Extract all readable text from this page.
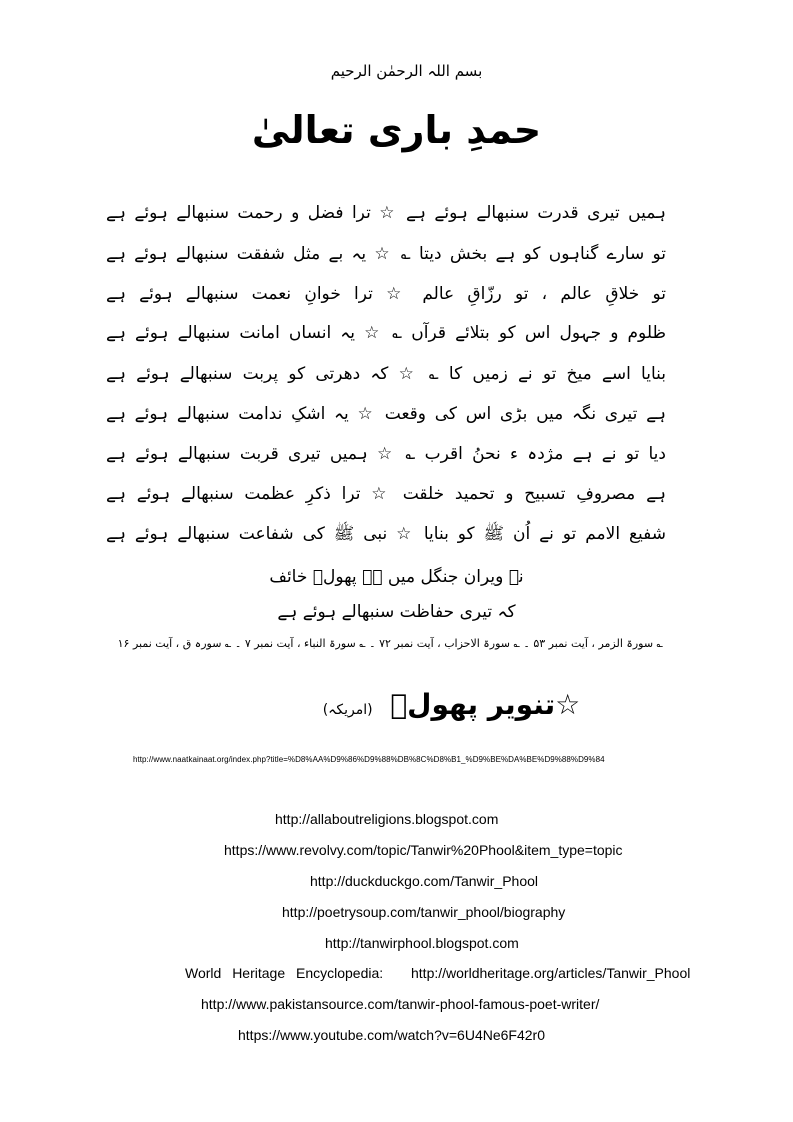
بسم اللہ الرحمٰن الرحیم
حمدِ باری تعالیٰ
ہمیں تیری قدرت سنبھالے ہوئے ہے ☆ ترا فضل و رحمت سنبھالے ہوئے ہے
تو سارے گناہوں کو ہے بخش دیتا ؎ ☆ یہ بے مثل شفقت سنبھالے ہوئے ہے
تو خلاقِ عالم ، تو رزّاقِ عالم ☆ ترا خوانِ نعمت سنبھالے ہوئے ہے
ظلوم و جہول اس کو بتلائے قرآں ؎ ☆ یہ انساں امانت سنبھالے ہوئے ہے
بنایا اسے میخ تو نے زمیں کا ؎ ☆ کہ دھرتی کو پربت سنبھالے ہوئے ہے
ہے تیری نگہ میں بڑی اس کی وقعت ☆ یہ اشکِ ندامت سنبھالے ہوئے ہے
دیا تو نے ہے مژدہ ء نحنُ اقرب ؎ ☆ ہمیں تیری قربت سنبھالے ہوئے ہے
ہے مصروفِ تسبیح و تحمید خلقت ☆ ترا ذکرِ عظمت سنبھالے ہوئے ہے
شفیع الامم تو نے اُن ﷺ کو بنایا ☆ نبی ﷺ کی شفاعت سنبھالے ہوئے ہے
نہ ویران جنگل میں ہے پھولؔ خائف
کہ تیری حفاظت سنبھالے ہوئے ہے
؎ سورۃ الزمر ، آیت نمبر ۵۳ ۔ ؎ سورۃ الاحزاب ، آیت نمبر ۷۲ ۔ ؎ سورۃ النباء ، آیت نمبر ۷ ۔ ؎ سورہ ق ، آیت نمبر ۱۶
☆تنویر پھولؔ (امریکہ)
http://www.naatkainaat.org/index.php?title=%D8%AA%D9%86%D9%88%DB%8C%D8%B1_%D9%BE%DA%BE%D9%88%D9%84
http://allaboutreligions.blogspot.com
https://www.revolvy.com/topic/Tanwir%20Phool&item_type=topic
http://duckduckgo.com/Tanwir_Phool
http://poetrysoup.com/tanwir_phool/biography
http://tanwirphool.blogspot.com
World Heritage Encyclopedia: http://worldheritage.org/articles/Tanwir_Phool
http://www.pakistansource.com/tanwir-phool-famous-poet-writer/
https://www.youtube.com/watch?v=6U4Ne6F42r0
